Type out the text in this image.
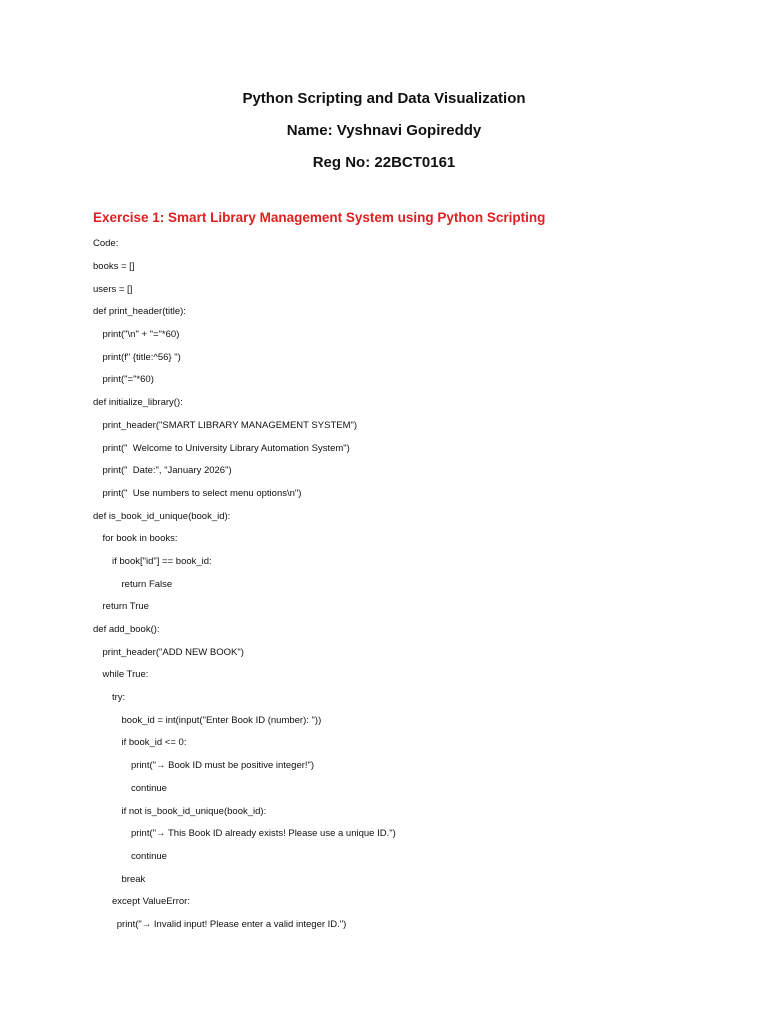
Python Scripting and Data Visualization
Name: Vyshnavi Gopireddy
Reg No: 22BCT0161
Exercise 1: Smart Library Management System using Python Scripting
Code:
books = []
users = []
def print_header(title):
print("\n" + "="*60)
print(f" {title:^56} ")
print("="*60)
def initialize_library():
print_header("SMART LIBRARY MANAGEMENT SYSTEM")
print("  Welcome to University Library Automation System")
print("  Date:", "January 2026")
print("  Use numbers to select menu options\n")
def is_book_id_unique(book_id):
for book in books:
if book["id"] == book_id:
return False
return True
def add_book():
print_header("ADD NEW BOOK")
while True:
try:
book_id = int(input("Enter Book ID (number): "))
if book_id <= 0:
print("→ Book ID must be positive integer!")
continue
if not is_book_id_unique(book_id):
print("→ This Book ID already exists! Please use a unique ID.")
continue
break
except ValueError:
print("→ Invalid input! Please enter a valid integer ID.")
